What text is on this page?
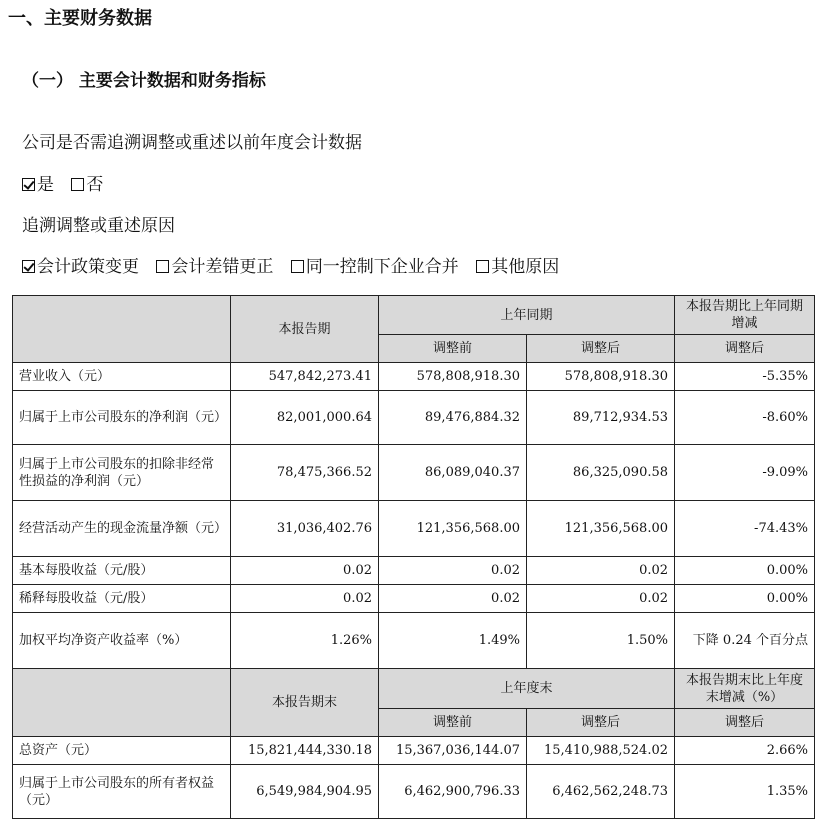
一、主要财务数据
（一） 主要会计数据和财务指标
公司是否需追溯调整或重述以前年度会计数据
是 否
追溯调整或重述原因
会计政策变更 会计差错更正 同一控制下企业合并 其他原因
	本报告期	上年同期		本报告期比上年同期增减
		调整前	调整后	调整后
营业收入（元）	547,842,273.41	578,808,918.30	578,808,918.30	-5.35%
归属于上市公司股东的净利润（元）	82,001,000.64	89,476,884.32	89,712,934.53	-8.60%
归属于上市公司股东的扣除非经常性损益的净利润（元）	78,475,366.52	86,089,040.37	86,325,090.58	-9.09%
经营活动产生的现金流量净额（元）	31,036,402.76	121,356,568.00	121,356,568.00	-74.43%
基本每股收益（元/股）	0.02	0.02	0.02	0.00%
稀释每股收益（元/股）	0.02	0.02	0.02	0.00%
加权平均净资产收益率（%）	1.26%	1.49%	1.50%	下降 0.24 个百分点
	本报告期末	上年度末		本报告期末比上年度末增减（%）
		调整前	调整后	调整后
总资产（元）	15,821,444,330.18	15,367,036,144.07	15,410,988,524.02	2.66%
归属于上市公司股东的所有者权益（元）	6,549,984,904.95	6,462,900,796.33	6,462,562,248.73	1.35%
